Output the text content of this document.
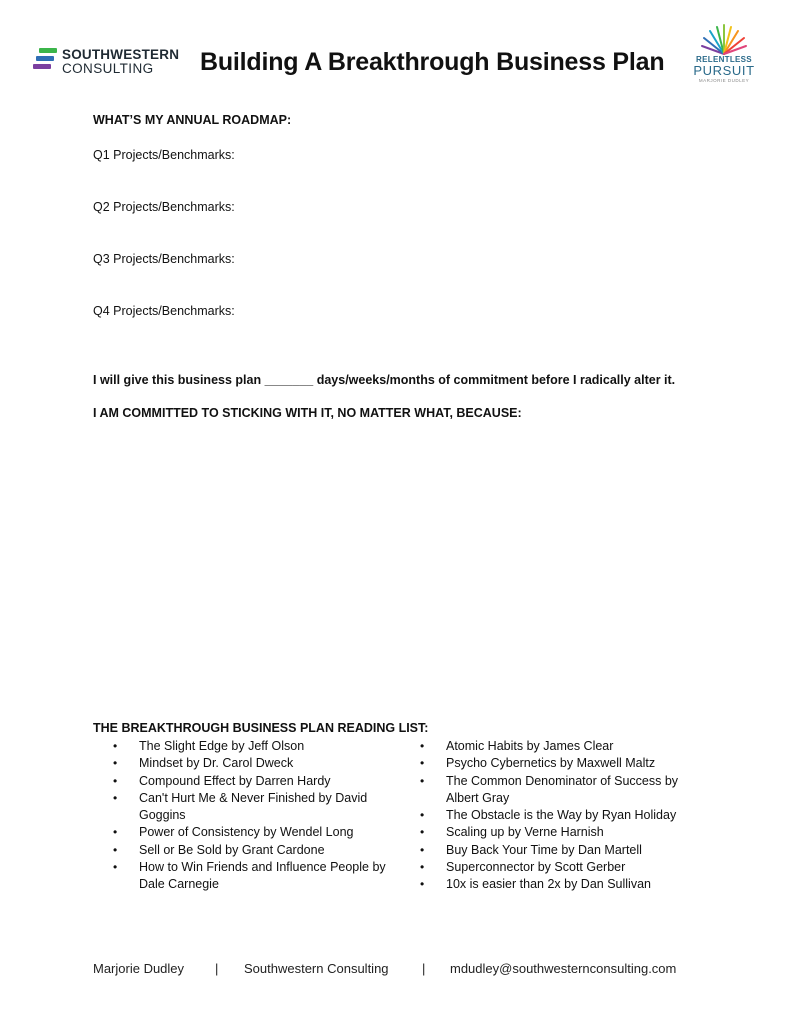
SOUTHWESTERN
CONSULTING Building A Breakthrough Business Plan	RELENTLESS
PURSUIT
MARJORIE DUDLEY
WHAT’S MY ANNUAL ROADMAP:
Q1 Projects/Benchmarks:
Q2 Projects/Benchmarks:
Q3 Projects/Benchmarks:
Q4 Projects/Benchmarks:
I will give this business plan _______ days/weeks/months of commitment before I radically alter it.
I AM COMMITTED TO STICKING WITH IT, NO MATTER WHAT, BECAUSE:
THE BREAKTHROUGH BUSINESS PLAN READING LIST:
• The Slight Edge by Jeff Olson
• Mindset by Dr. Carol Dweck
• Compound Effect by Darren Hardy
• Can't Hurt Me & Never Finished by David Goggins
• Power of Consistency by Wendel Long
• Sell or Be Sold by Grant Cardone
• How to Win Friends and Influence People by Dale Carnegie
• Atomic Habits by James Clear
• Psycho Cybernetics by Maxwell Maltz
• The Common Denominator of Success by Albert Gray
• The Obstacle is the Way by Ryan Holiday
• Scaling up by Verne Harnish
• Buy Back Your Time by Dan Martell
• Superconnector by Scott Gerber
• 10x is easier than 2x by Dan Sullivan
Marjorie Dudley | Southwestern Consulting	| mdudley@southwesternconsulting.com
